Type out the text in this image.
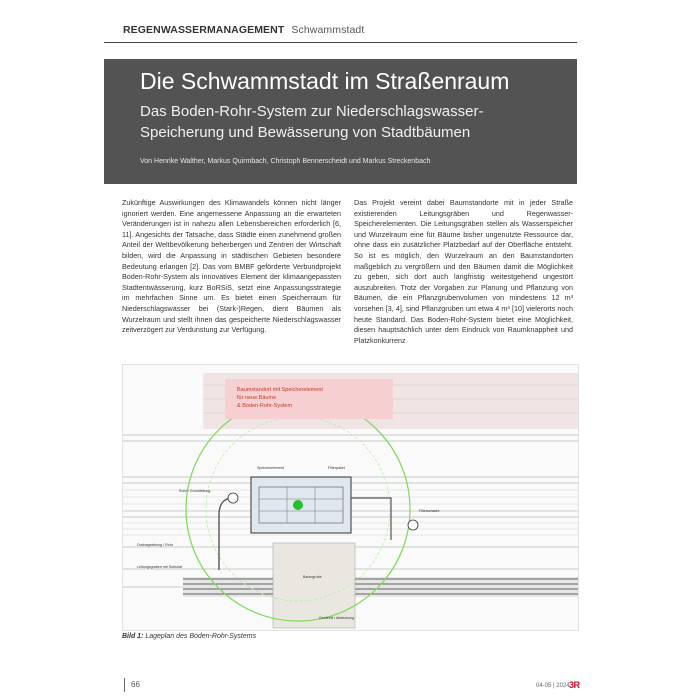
REGENWASSERMANAGEMENT Schwammstadt
Die Schwammstadt im Straßenraum
Das Boden-Rohr-System zur Niederschlagswasser-
Speicherung und Bewässerung von Stadtbäumen
Von Henrike Walther, Markus Quirmbach, Christoph Bennerscheidt und Markus Streckenbach

Zukünftige Auswirkungen des Klimawandels können nicht länger ignoriert werden. Eine angemessene Anpassung an die erwarteten Veränderungen ist in nahezu allen Lebensbereichen erforderlich [6, 11]. Angesichts der Tatsache, dass Städte einen zunehmend großen Anteil der Weltbevölkerung beherbergen und Zentren der Wirtschaft bilden, wird die Anpassung in städtischen Gebieten besondere Bedeutung erlangen [2]. Das vom BMBF geförderte Verbundprojekt Boden-Rohr-System als innovatives Element der klimaangepassten Stadtentwässerung, kurz BoRSiS, setzt eine Anpassungsstrategie im mehrfachen Sinne um. Es bietet einen Speicherraum für Niederschlagswasser bei (Stark-)Regen, dient Bäumen als Wurzelraum und stellt ihnen das gespeicherte Niederschlagswasser zeitverzögert zur Verdunstung zur Verfügung.

Das Projekt vereint dabei Baumstandorte mit in jeder Straße existierenden Leitungsgräben und Regenwasser-Speicherelementen. Die Leitungsgräben stellen als Wasserspeicher und Wurzelraum eine für Bäume bisher ungenutzte Ressource dar, ohne dass ein zusätzlicher Platzbedarf auf der Oberfläche entsteht. So ist es möglich, den Wurzelraum an den Baumstandorten maßgeblich zu vergrößern und den Bäumen damit die Möglichkeit zu geben, sich dort auch langfristig weitestgehend ungestört auszubreiten. Trotz der Vorgaben zur Planung und Pflanzung von Bäumen, die ein Pflanzgrubenvolumen von mindestens 12 m³ vorsehen [3, 4], sind Pflanzgruben um etwa 4 m³ [10] vielerorts noch heute Standard. Das Boden-Rohr-System bietet eine Möglichkeit, diesen hauptsächlich unter dem Eindruck von Raumknappheit und Platzkonkurrenz

Baumstandort mit Speicherelement
für neue Bäume
& Boden-Rohr-System
Speicherelement	Filterpaket
Rohr / Grundleitung
Filterschacht
Drainageleitung / Rohr
Leitungsgraben mit Substrat
Baumgrube
Geotextil / Abdeckung
Bild 1: Lageplan des Boden-Rohr-Systems
66	04-05 | 2024 3R
